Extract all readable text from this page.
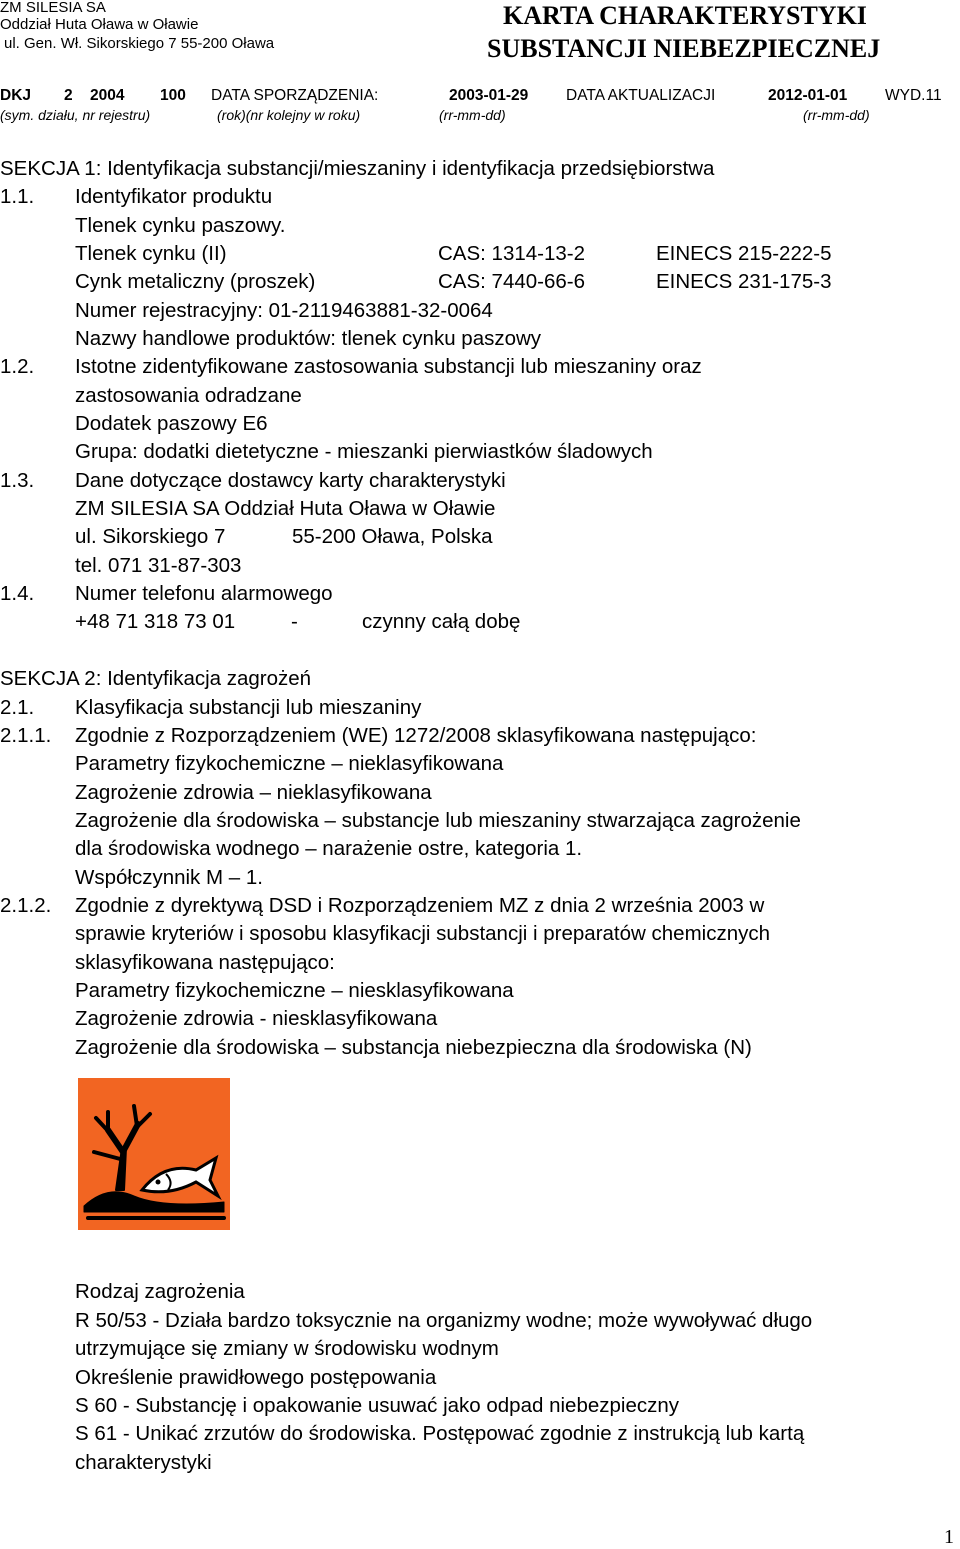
ZM SILESIA SA
Oddział Huta Oława w Oławie
ul. Gen. Wł. Sikorskiego 7 55-200 Oława
KARTA CHARAKTERYSTYKI
SUBSTANCJI NIEBEZPIECZNEJ
DKJ 2 2004 100 DATA SPORZĄDZENIA:	2003-01-29 DATA AKTUALIZACJI	2012-01-01 WYD.11
(sym. działu, nr rejestru)	(rok)(nr kolejny w roku)	(rr-mm-dd)	(rr-mm-dd)
SEKCJA 1: Identyfikacja substancji/mieszaniny i identyfikacja przedsiębiorstwa
1.1. Identyfikator produktu
Tlenek cynku paszowy.
Tlenek cynku (II)	CAS: 1314-13-2	EINECS 215-222-5
Cynk metaliczny (proszek)	CAS: 7440-66-6	EINECS 231-175-3
Numer rejestracyjny: 01-2119463881-32-0064
Nazwy handlowe produktów: tlenek cynku paszowy
1.2. Istotne zidentyfikowane zastosowania substancji lub mieszaniny oraz
zastosowania odradzane
Dodatek paszowy E6
Grupa: dodatki dietetyczne - mieszanki pierwiastków śladowych
1.3. Dane dotyczące dostawcy karty charakterystyki
ZM SILESIA SA Oddział Huta Oława w Oławie
ul. Sikorskiego 7	55-200 Oława, Polska
tel. 071 31-87-303
1.4. Numer telefonu alarmowego
+48 71 318 73 01	-	czynny całą dobę
SEKCJA 2: Identyfikacja zagrożeń
2.1. Klasyfikacja substancji lub mieszaniny
2.1.1. Zgodnie z Rozporządzeniem (WE) 1272/2008 sklasyfikowana następująco:
Parametry fizykochemiczne – nieklasyfikowana
Zagrożenie zdrowia – nieklasyfikowana
Zagrożenie dla środowiska – substancje lub mieszaniny stwarzająca zagrożenie
dla środowiska wodnego – narażenie ostre, kategoria 1.
Współczynnik M – 1.
2.1.2. Zgodnie z dyrektywą DSD i Rozporządzeniem MZ z dnia 2 września 2003 w
sprawie kryteriów i sposobu klasyfikacji substancji i preparatów chemicznych
sklasyfikowana następująco:
Parametry fizykochemiczne – niesklasyfikowana
Zagrożenie zdrowia - niesklasyfikowana
Zagrożenie dla środowiska – substancja niebezpieczna dla środowiska (N)
Rodzaj zagrożenia
R 50/53 - Działa bardzo toksycznie na organizmy wodne; może wywoływać długo
utrzymujące się zmiany w środowisku wodnym
Określenie prawidłowego postępowania
S 60 - Substancję i opakowanie usuwać jako odpad niebezpieczny
S 61 - Unikać zrzutów do środowiska. Postępować zgodnie z instrukcją lub kartą
charakterystyki
1
